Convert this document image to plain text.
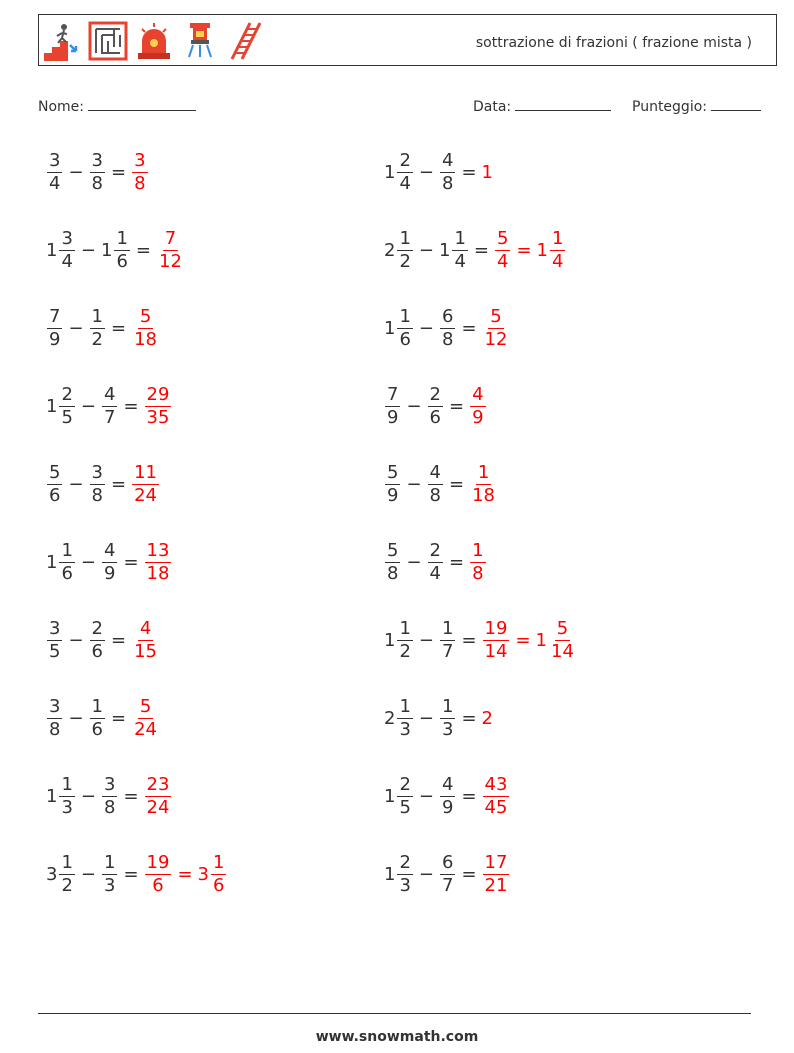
sottrazione di frazioni ( frazione mista )
Nome:	Data:	Punteggio:
$\frac{3}{4} - \frac{3}{8} = \frac{3}{8}$	$1 \frac{2}{4} - \frac{4}{8} = 1$
$1 \frac{3}{4} - 1 \frac{1}{6} = \frac{7}{12}$	$2 \frac{1}{2} - 1 \frac{1}{4} = \frac{5}{4} = 1 \frac{1}{4}$
$\frac{7}{9} - \frac{1}{2} = \frac{5}{18}$	$1 \frac{1}{6} - \frac{6}{8} = \frac{5}{12}$
$1 \frac{2}{5} - \frac{4}{7} = \frac{29}{35}$	$\frac{7}{9} - \frac{2}{6} = \frac{4}{9}$
$\frac{5}{6} - \frac{3}{8} = \frac{11}{24}$	$\frac{5}{9} - \frac{4}{8} = \frac{1}{18}$
$1 \frac{1}{6} - \frac{4}{9} = \frac{13}{18}$	$\frac{5}{8} - \frac{2}{4} = \frac{1}{8}$
$\frac{3}{5} - \frac{2}{6} = \frac{4}{15}$	$1 \frac{1}{2} - \frac{1}{7} = \frac{19}{14} = 1 \frac{5}{14}$
$\frac{3}{8} - \frac{1}{6} = \frac{5}{24}$	$2 \frac{1}{3} - \frac{1}{3} = 2$
$1 \frac{1}{3} - \frac{3}{8} = \frac{23}{24}$	$1 \frac{2}{5} - \frac{4}{9} = \frac{43}{45}$
$3 \frac{1}{2} - \frac{1}{3} = \frac{19}{6} = 3 \frac{1}{6}$	$1 \frac{2}{3} - \frac{6}{7} = \frac{17}{21}$
www.snowmath.com
